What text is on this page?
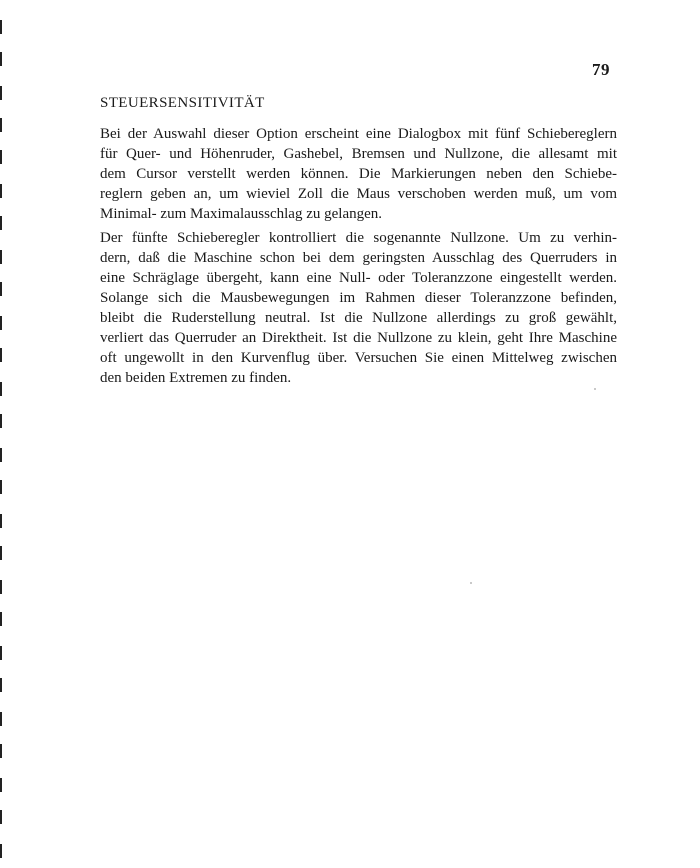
79
STEUERSENSITIVITÄT
Bei der Auswahl dieser Option erscheint eine Dialogbox mit fünf Schiebereglern
für Quer- und Höhenruder, Gashebel, Bremsen und Nullzone, die allesamt mit
dem Cursor verstellt werden können. Die Markierungen neben den Schiebe-
reglern geben an, um wieviel Zoll die Maus verschoben werden muß, um vom
Minimal- zum Maximalausschlag zu gelangen.
Der fünfte Schieberegler kontrolliert die sogenannte Nullzone. Um zu verhin-
dern, daß die Maschine schon bei dem geringsten Ausschlag des Querruders in
eine Schräglage übergeht, kann eine Null- oder Toleranzzone eingestellt werden.
Solange sich die Mausbewegungen im Rahmen dieser Toleranzzone befinden,
bleibt die Ruderstellung neutral. Ist die Nullzone allerdings zu groß gewählt,
verliert das Querruder an Direktheit. Ist die Nullzone zu klein, geht Ihre Maschine
oft ungewollt in den Kurvenflug über. Versuchen Sie einen Mittelweg zwischen
den beiden Extremen zu finden.
